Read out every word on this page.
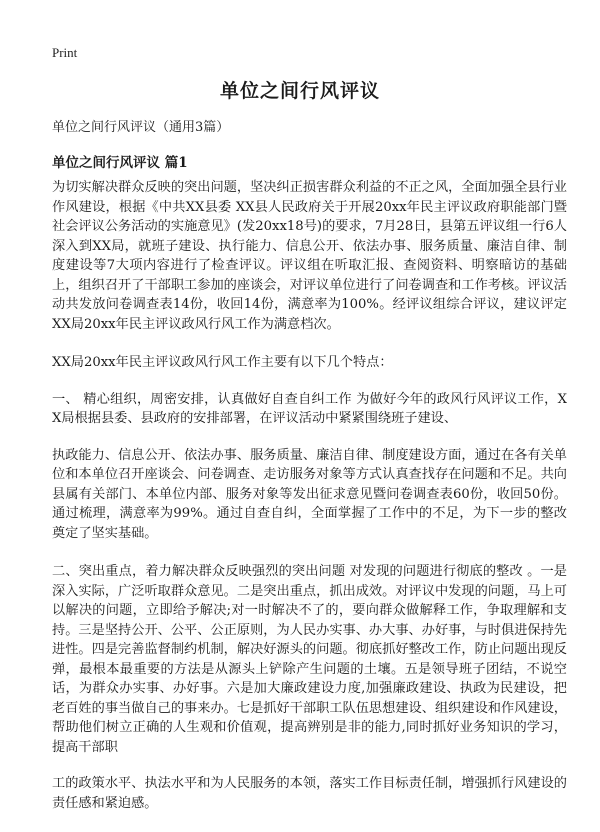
Print
单位之间行风评议

单位之间行风评议（通用3篇）

单位之间行风评议 篇1

为切实解决群众反映的突出问题，坚决纠正损害群众利益的不正之风，全面加强全县行业作风建设，根据《中共XX县委 XX县人民政府关于开展20xx年民主评议政府职能部门暨社会评议公务活动的实施意见》(发20xx18号)的要求，7月28日，县第五评议组一行6人深入到XX局，就班子建设、执行能力、信息公开、依法办事、服务质量、廉洁自律、制度建设等7大项内容进行了检查评议。评议组在听取汇报、查阅资料、明察暗访的基础上，组织召开了干部职工参加的座谈会，对评议单位进行了问卷调查和工作考核。评议活动共发放问卷调查表14份，收回14份，满意率为100%。经评议组综合评议，建议评定XX局20xx年民主评议政风行风工作为满意档次。

XX局20xx年民主评议政风行风工作主要有以下几个特点：

一、 精心组织，周密安排，认真做好自查自纠工作 为做好今年的政风行风评议工作，XX局根据县委、县政府的安排部署，在评议活动中紧紧围绕班子建设、

执政能力、信息公开、依法办事、服务质量、廉洁自律、制度建设方面，通过在各有关单位和本单位召开座谈会、问卷调查、走访服务对象等方式认真查找存在问题和不足。共向县属有关部门、本单位内部、服务对象等发出征求意见暨问卷调查表60份，收回50份。通过梳理，满意率为99%。通过自查自纠，全面掌握了工作中的不足，为下一步的整改奠定了坚实基础。

二、突出重点，着力解决群众反映强烈的突出问题 对发现的问题进行彻底的整改 。一是深入实际，广泛听取群众意见。二是突出重点，抓出成效。对评议中发现的问题，马上可以解决的问题，立即给予解决;对一时解决不了的，要向群众做解释工作，争取理解和支持。三是坚持公开、公平、公正原则，为人民办实事、办大事、办好事，与时俱进保持先进性。四是完善监督制约机制，解决好源头的问题。彻底抓好整改工作，防止问题出现反弹，最根本最重要的方法是从源头上铲除产生问题的土壤。五是领导班子团结，不说空话，为群众办实事、办好事。六是加大廉政建设力度,加强廉政建设、执政为民建设，把老百姓的事当做自己的事来办。七是抓好干部职工队伍思想建设、组织建设和作风建设，帮助他们树立正确的人生观和价值观，提高辨别是非的能力,同时抓好业务知识的学习，提高干部职

工的政策水平、执法水平和为人民服务的本领，落实工作目标责任制，增强抓行风建设的责任感和紧迫感。
